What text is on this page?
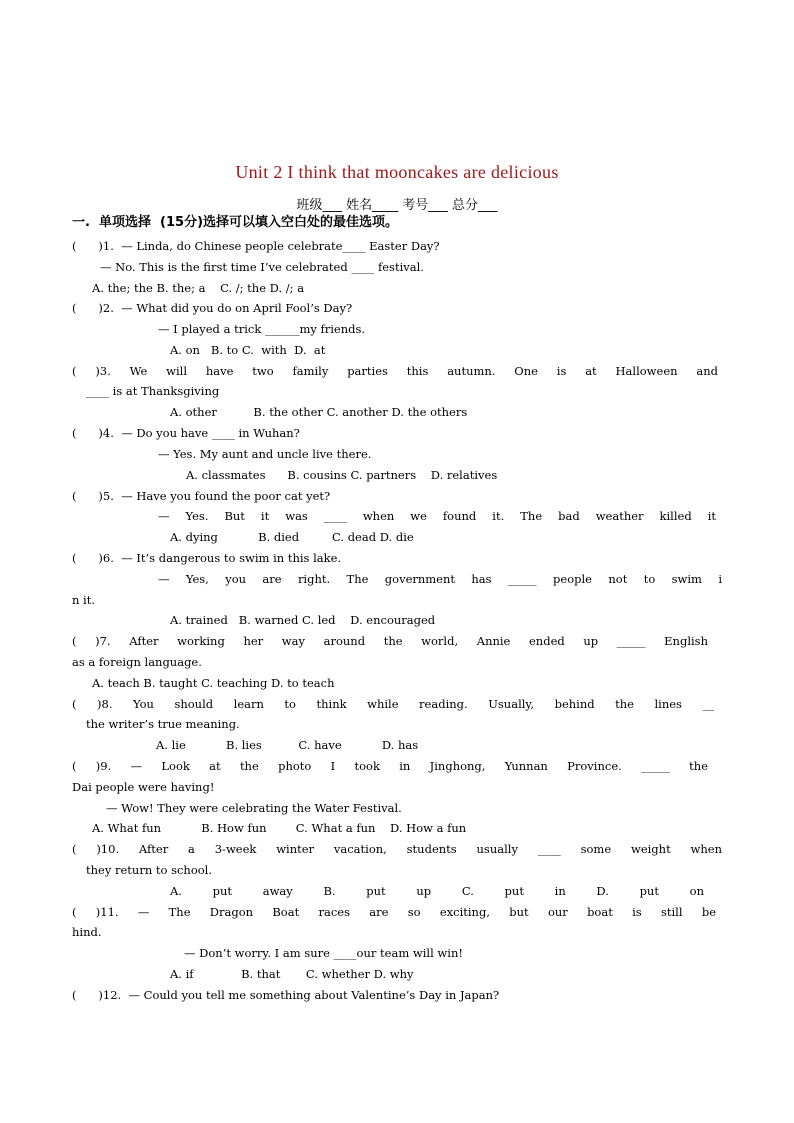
Unit 2 I think that mooncakes are delicious
班级___ 姓名____ 考号___ 总分___
一.  单项选择  (15分)选择可以填入空白处的最佳选项。
(      )1.  — Linda, do Chinese people celebrate____ Easter Day?
— No. This is the first time I’ve celebrated ____ festival.
A. the; the B. the; a    C. /; the D. /; a
(      )2.  — What did you do on April Fool’s Day?
— I played a trick ______my friends.
A. on   B. to C.  with  D.  at
( )3. We will have two family parties this autumn. One is at Halloween and
____ is at Thanksgiving
A. other          B. the other C. another D. the others
(      )4.  — Do you have ____ in Wuhan?
— Yes. My aunt and uncle live there.
A. classmates      B. cousins C. partners    D. relatives
(      )5.  — Have you found the poor cat yet?
— Yes. But it was ____ when we found it. The bad weather killed it
A. dying           B. died         C. dead D. die
(      )6.  — It’s dangerous to swim in this lake.
— Yes, you are right. The government has _____ people not to swim i
n it.
A. trained   B. warned C. led    D. encouraged
( )7. After working her way around the world, Annie ended up _____ English
as a foreign language.
A. teach B. taught C. teaching D. to teach
( )8. You should learn to think while reading. Usually, behind the lines __
the writer’s true meaning.
A. lie           B. lies          C. have           D. has
( )9. — Look at the photo I took in Jinghong, Yunnan Province. _____ the
Dai people were having!
— Wow! They were celebrating the Water Festival.
A. What fun           B. How fun        C. What a fun    D. How a fun
( )10. After a 3-week winter vacation, students usually ____ some weight when
they return to school.
A. put away B. put up C. put in D. put on
( )11. — The Dragon Boat races are so exciting, but our boat is still be
hind.
— Don’t worry. I am sure ____our team will win!
A. if             B. that       C. whether D. why
(      )12.  — Could you tell me something about Valentine’s Day in Japan?
